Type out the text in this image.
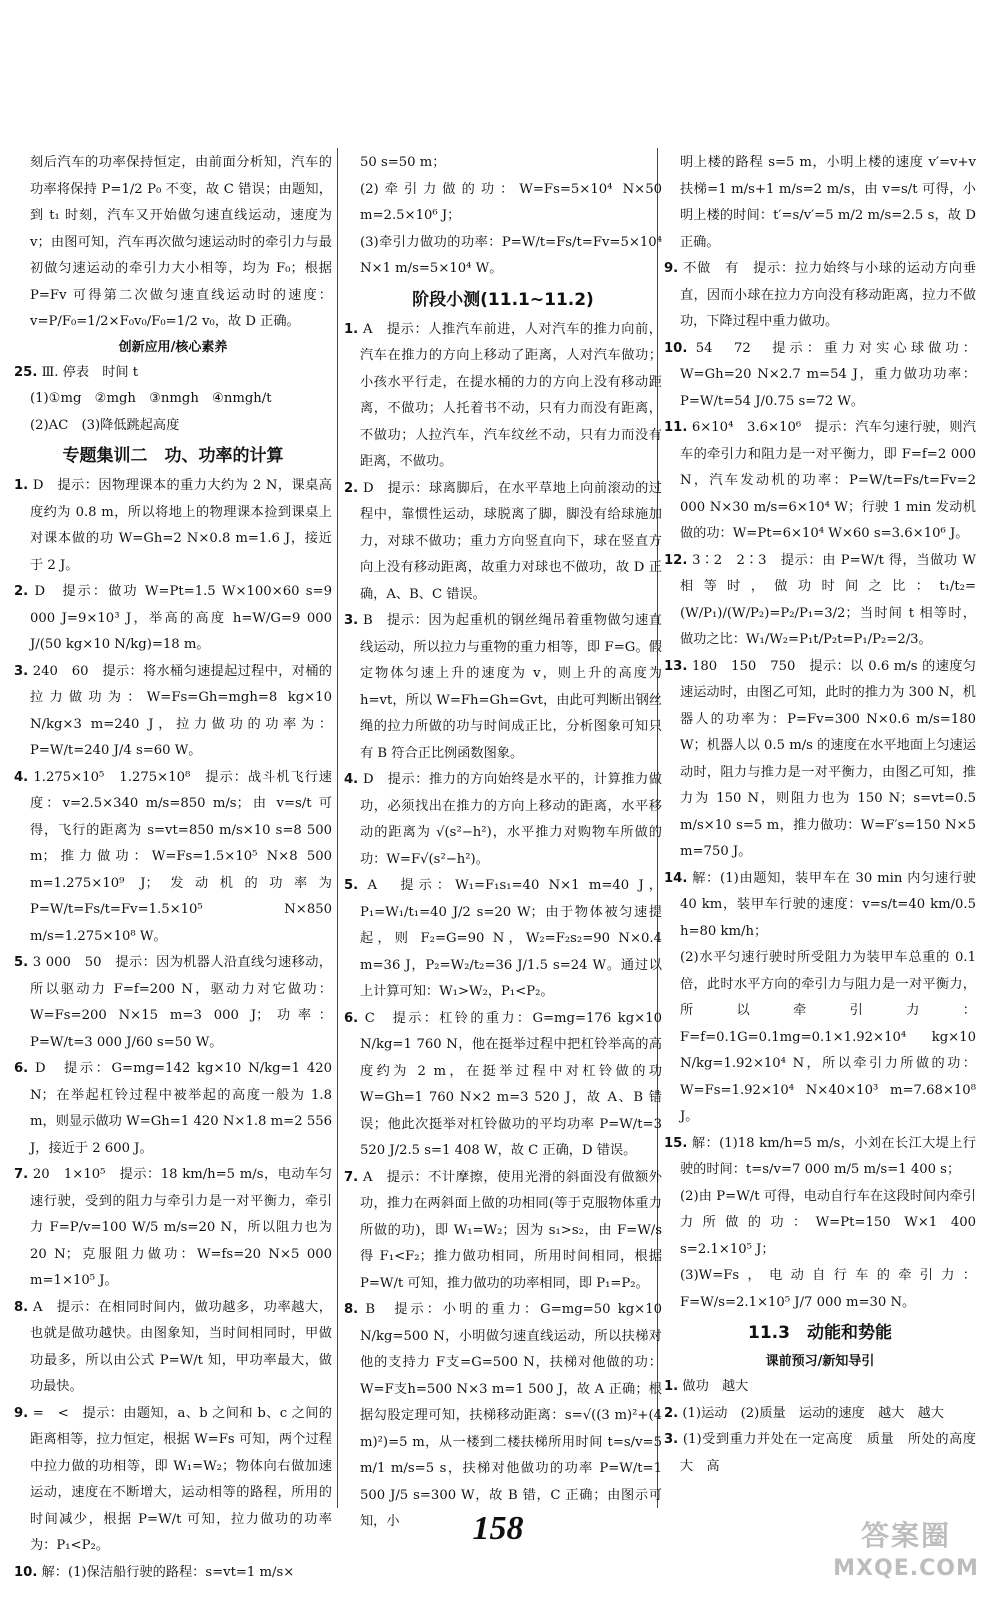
刻后汽车的功率保持恒定，由前面分析知，汽车的功率将保持 P=1/2 P₀ 不变，故 C 错误；由题知，到 t₁ 时刻，汽车又开始做匀速直线运动，速度为 v；由图可知，汽车再次做匀速运动时的牵引力与最初做匀速运动的牵引力大小相等，均为 F₀；根据 P=Fv 可得第二次做匀速直线运动时的速度：v=P/F₀=1/2×F₀v₀/F₀=1/2 v₀，故 D 正确。

创新应用/核心素养

25. Ⅲ. 停表　时间 t

(1)①mg　②mgh　③nmgh　④nmgh/t

(2)AC　(3)降低跳起高度

专题集训二　功、功率的计算

1. D　提示：因物理课本的重力大约为 2 N，课桌高度约为 0.8 m，所以将地上的物理课本捡到课桌上对课本做的功 W=Gh=2 N×0.8 m=1.6 J，接近于 2 J。

2. D　提示：做功 W=Pt=1.5 W×100×60 s=9 000 J=9×10³ J，举高的高度 h=W/G=9 000 J/(50 kg×10 N/kg)=18 m。

3. 240　60　提示：将水桶匀速提起过程中，对桶的拉力做功为：W=Fs=Gh=mgh=8 kg×10 N/kg×3 m=240 J，拉力做功的功率为：P=W/t=240 J/4 s=60 W。

4. 1.275×10⁵　1.275×10⁸　提示：战斗机飞行速度：v=2.5×340 m/s=850 m/s；由 v=s/t 可得，飞行的距离为 s=vt=850 m/s×10 s=8 500 m；推力做功：W=Fs=1.5×10⁵ N×8 500 m=1.275×10⁹ J；发动机的功率为 P=W/t=Fs/t=Fv=1.5×10⁵ N×850 m/s=1.275×10⁸ W。

5. 3 000　50　提示：因为机器人沿直线匀速移动，所以驱动力 F=f=200 N，驱动力对它做功：W=Fs=200 N×15 m=3 000 J；功率：P=W/t=3 000 J/60 s=50 W。

6. D　提示：G=mg=142 kg×10 N/kg=1 420 N；在举起杠铃过程中被举起的高度一般为 1.8 m，则显示做功 W=Gh=1 420 N×1.8 m=2 556 J，接近于 2 600 J。

7. 20　1×10⁵　提示：18 km/h=5 m/s，电动车匀速行驶，受到的阻力与牵引力是一对平衡力，牵引力 F=P/v=100 W/5 m/s=20 N，所以阻力也为 20 N；克服阻力做功：W=fs=20 N×5 000 m=1×10⁵ J。

8. A　提示：在相同时间内，做功越多，功率越大，也就是做功越快。由图象知，当时间相同时，甲做功最多，所以由公式 P=W/t 知，甲功率最大，做功最快。

9. =　<　提示：由题知，a、b 之间和 b、c 之间的距离相等，拉力恒定，根据 W=Fs 可知，两个过程中拉力做的功相等，即 W₁=W₂；物体向右做加速运动，速度在不断增大，运动相等的路程，所用的时间减少，根据 P=W/t 可知，拉力做功的功率为：P₁<P₂。

10. 解：(1)保洁船行驶的路程：s=vt=1 m/s×

50 s=50 m；

(2)牵引力做的功：W=Fs=5×10⁴ N×50 m=2.5×10⁶ J；

(3)牵引力做功的功率：P=W/t=Fs/t=Fv=5×10⁴ N×1 m/s=5×10⁴ W。

阶段小测(11.1~11.2)

1. A　提示：人推汽车前进，人对汽车的推力向前，汽车在推力的方向上移动了距离，人对汽车做功；小孩水平行走，在提水桶的力的方向上没有移动距离，不做功；人托着书不动，只有力而没有距离，不做功；人拉汽车，汽车纹丝不动，只有力而没有距离，不做功。

2. D　提示：球离脚后，在水平草地上向前滚动的过程中，靠惯性运动，球脱离了脚，脚没有给球施加力，对球不做功；重力方向竖直向下，球在竖直方向上没有移动距离，故重力对球也不做功，故 D 正确，A、B、C 错误。

3. B　提示：因为起重机的钢丝绳吊着重物做匀速直线运动，所以拉力与重物的重力相等，即 F=G。假定物体匀速上升的速度为 v，则上升的高度为 h=vt，所以 W=Fh=Gh=Gvt，由此可判断出钢丝绳的拉力所做的功与时间成正比，分析图象可知只有 B 符合正比例函数图象。

4. D　提示：推力的方向始终是水平的，计算推力做功，必须找出在推力的方向上移动的距离，水平移动的距离为 √(s²−h²)，水平推力对购物车所做的功：W=F√(s²−h²)。

5. A　提示：W₁=F₁s₁=40 N×1 m=40 J，P₁=W₁/t₁=40 J/2 s=20 W；由于物体被匀速提起，则 F₂=G=90 N，W₂=F₂s₂=90 N×0.4 m=36 J，P₂=W₂/t₂=36 J/1.5 s=24 W。通过以上计算可知：W₁>W₂，P₁<P₂。

6. C　提示：杠铃的重力：G=mg=176 kg×10 N/kg=1 760 N，他在挺举过程中把杠铃举高的高度约为 2 m，在挺举过程中对杠铃做的功 W=Gh=1 760 N×2 m=3 520 J，故 A、B 错误；他此次挺举对杠铃做功的平均功率 P=W/t=3 520 J/2.5 s=1 408 W，故 C 正确，D 错误。

7. A　提示：不计摩擦，使用光滑的斜面没有做额外功，推力在两斜面上做的功相同(等于克服物体重力所做的功)，即 W₁=W₂；因为 s₁>s₂，由 F=W/s 得 F₁<F₂；推力做功相同，所用时间相同，根据 P=W/t 可知，推力做功的功率相同，即 P₁=P₂。

8. B　提示：小明的重力：G=mg=50 kg×10 N/kg=500 N，小明做匀速直线运动，所以扶梯对他的支持力 F支=G=500 N，扶梯对他做的功：W=F支h=500 N×3 m=1 500 J，故 A 正确；根据勾股定理可知，扶梯移动距离：s=√((3 m)²+(4 m)²)=5 m，从一楼到二楼扶梯所用时间 t=s/v=5 m/1 m/s=5 s，扶梯对他做功的功率 P=W/t=1 500 J/5 s=300 W，故 B 错，C 正确；由图示可知，小

明上楼的路程 s=5 m，小明上楼的速度 v′=v+v扶梯=1 m/s+1 m/s=2 m/s，由 v=s/t 可得，小明上楼的时间：t′=s/v′=5 m/2 m/s=2.5 s，故 D 正确。

9. 不做　有　提示：拉力始终与小球的运动方向垂直，因而小球在拉力方向没有移动距离，拉力不做功，下降过程中重力做功。

10. 54　72　提示：重力对实心球做功：W=Gh=20 N×2.7 m=54 J，重力做功功率：P=W/t=54 J/0.75 s=72 W。

11. 6×10⁴　3.6×10⁶　提示：汽车匀速行驶，则汽车的牵引力和阻力是一对平衡力，即 F=f=2 000 N，汽车发动机的功率：P=W/t=Fs/t=Fv=2 000 N×30 m/s=6×10⁴ W；行驶 1 min 发动机做的功：W=Pt=6×10⁴ W×60 s=3.6×10⁶ J。

12. 3∶2　2∶3　提示：由 P=W/t 得，当做功 W 相等时，做功时间之比：t₁/t₂=(W/P₁)/(W/P₂)=P₂/P₁=3/2；当时间 t 相等时，做功之比：W₁/W₂=P₁t/P₂t=P₁/P₂=2/3。

13. 180　150　750　提示：以 0.6 m/s 的速度匀速运动时，由图乙可知，此时的推力为 300 N，机器人的功率为：P=Fv=300 N×0.6 m/s=180 W；机器人以 0.5 m/s 的速度在水平地面上匀速运动时，阻力与推力是一对平衡力，由图乙可知，推力为 150 N，则阻力也为 150 N；s=vt=0.5 m/s×10 s=5 m，推力做功：W=F′s=150 N×5 m=750 J。

14. 解：(1)由题知，装甲车在 30 min 内匀速行驶 40 km，装甲车行驶的速度：v=s/t=40 km/0.5 h=80 km/h；

(2)水平匀速行驶时所受阻力为装甲车总重的 0.1 倍，此时水平方向的牵引力与阻力是一对平衡力，所以牵引力：F=f=0.1G=0.1mg=0.1×1.92×10⁴ kg×10 N/kg=1.92×10⁴ N，所以牵引力所做的功：W=Fs=1.92×10⁴ N×40×10³ m=7.68×10⁸ J。

15. 解：(1)18 km/h=5 m/s，小刘在长江大堤上行驶的时间：t=s/v=7 000 m/5 m/s=1 400 s；

(2)由 P=W/t 可得，电动自行车在这段时间内牵引力所做的功：W=Pt=150 W×1 400 s=2.1×10⁵ J；

(3)W=Fs，电动自行车的牵引力：F=W/s=2.1×10⁵ J/7 000 m=30 N。

11.3　动能和势能
课前预习/新知导引

1. 做功　越大

2. (1)运动　(2)质量　运动的速度　越大　越大

3. (1)受到重力并处在一定高度　质量　所处的高度　大　高

158	答案圈
MXQE.COM
